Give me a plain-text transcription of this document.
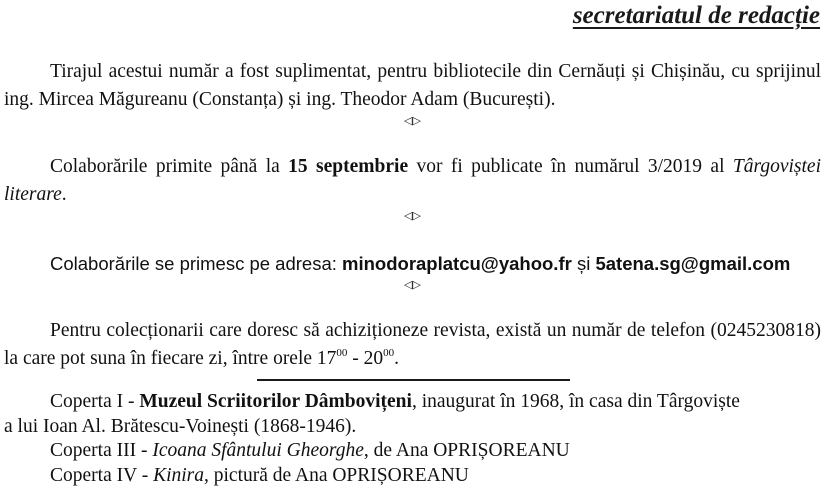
secretariatul de redacție
Tirajul acestui număr a fost suplimentat, pentru bibliotecile din Cernăuți și Chișinău, cu sprijinul ing. Mircea Măgureanu (Constanța) și ing. Theodor Adam (București).
◁▷
Colaborările primite până la 15 septembrie vor fi publicate în numărul 3/2019 al Târgoviștei literare.
◁▷
Colaborările se primesc pe adresa: minodoraplatcu@yahoo.fr și 5atena.sg@gmail.com
◁▷
Pentru colecționarii care doresc să achiziționeze revista, există un număr de telefon (0245230818) la care pot suna în fiecare zi, între orele $17^{00} - 20^{00}$.
Coperta I - Muzeul Scriitorilor Dâmbovițeni, inaugurat în 1968, în casa din Târgoviște
a lui Ioan Al. Brătescu-Voinești (1868-1946).
Coperta III - Icoana Sfântului Gheorghe, de Ana OPRIȘOREANU
Coperta IV - Kinira, pictură de Ana OPRIȘOREANU
